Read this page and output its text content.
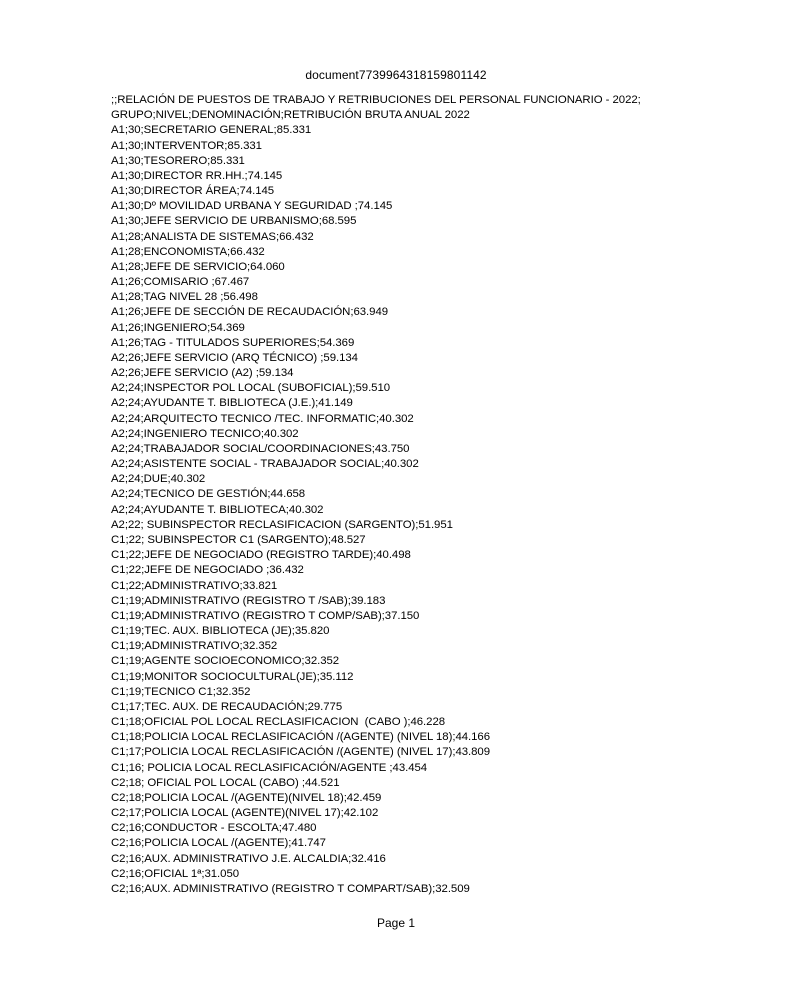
document7739964318159801142
;;RELACIÓN DE PUESTOS DE TRABAJO Y RETRIBUCIONES DEL PERSONAL FUNCIONARIO - 2022;
GRUPO;NIVEL;DENOMINACIÓN;RETRIBUCIÓN BRUTA ANUAL 2022
A1;30;SECRETARIO GENERAL;85.331
A1;30;INTERVENTOR;85.331
A1;30;TESORERO;85.331
A1;30;DIRECTOR RR.HH.;74.145
A1;30;DIRECTOR ÁREA;74.145
A1;30;Dº MOVILIDAD URBANA Y SEGURIDAD ;74.145
A1;30;JEFE SERVICIO DE URBANISMO;68.595
A1;28;ANALISTA DE SISTEMAS;66.432
A1;28;ENCONOMISTA;66.432
A1;28;JEFE DE SERVICIO;64.060
A1;26;COMISARIO ;67.467
A1;28;TAG NIVEL 28 ;56.498
A1;26;JEFE DE SECCIÓN DE RECAUDACIÓN;63.949
A1;26;INGENIERO;54.369
A1;26;TAG - TITULADOS SUPERIORES;54.369
A2;26;JEFE SERVICIO (ARQ TÉCNICO) ;59.134
A2;26;JEFE SERVICIO (A2) ;59.134
A2;24;INSPECTOR POL LOCAL (SUBOFICIAL);59.510
A2;24;AYUDANTE T. BIBLIOTECA (J.E.);41.149
A2;24;ARQUITECTO TECNICO /TEC. INFORMATIC;40.302
A2;24;INGENIERO TECNICO;40.302
A2;24;TRABAJADOR SOCIAL/COORDINACIONES;43.750
A2;24;ASISTENTE SOCIAL - TRABAJADOR SOCIAL;40.302
A2;24;DUE;40.302
A2;24;TECNICO DE GESTIÓN;44.658
A2;24;AYUDANTE T. BIBLIOTECA;40.302
A2;22; SUBINSPECTOR RECLASIFICACION (SARGENTO);51.951
C1;22; SUBINSPECTOR C1 (SARGENTO);48.527
C1;22;JEFE DE NEGOCIADO (REGISTRO TARDE);40.498
C1;22;JEFE DE NEGOCIADO ;36.432
C1;22;ADMINISTRATIVO;33.821
C1;19;ADMINISTRATIVO (REGISTRO T /SAB);39.183
C1;19;ADMINISTRATIVO (REGISTRO T COMP/SAB);37.150
C1;19;TEC. AUX. BIBLIOTECA (JE);35.820
C1;19;ADMINISTRATIVO;32.352
C1;19;AGENTE SOCIOECONOMICO;32.352
C1;19;MONITOR SOCIOCULTURAL(JE);35.112
C1;19;TECNICO C1;32.352
C1;17;TEC. AUX. DE RECAUDACIÓN;29.775
C1;18;OFICIAL POL LOCAL RECLASIFICACION  (CABO );46.228
C1;18;POLICIA LOCAL RECLASIFICACIÓN /(AGENTE) (NIVEL 18);44.166
C1;17;POLICIA LOCAL RECLASIFICACIÓN /(AGENTE) (NIVEL 17);43.809
C1;16; POLICIA LOCAL RECLASIFICACIÓN/AGENTE ;43.454
C2;18; OFICIAL POL LOCAL (CABO) ;44.521
C2;18;POLICIA LOCAL /(AGENTE)(NIVEL 18);42.459
C2;17;POLICIA LOCAL (AGENTE)(NIVEL 17);42.102
C2;16;CONDUCTOR - ESCOLTA;47.480
C2;16;POLICIA LOCAL /(AGENTE);41.747
C2;16;AUX. ADMINISTRATIVO J.E. ALCALDIA;32.416
C2;16;OFICIAL 1ª;31.050
C2;16;AUX. ADMINISTRATIVO (REGISTRO T COMPART/SAB);32.509
Page 1
